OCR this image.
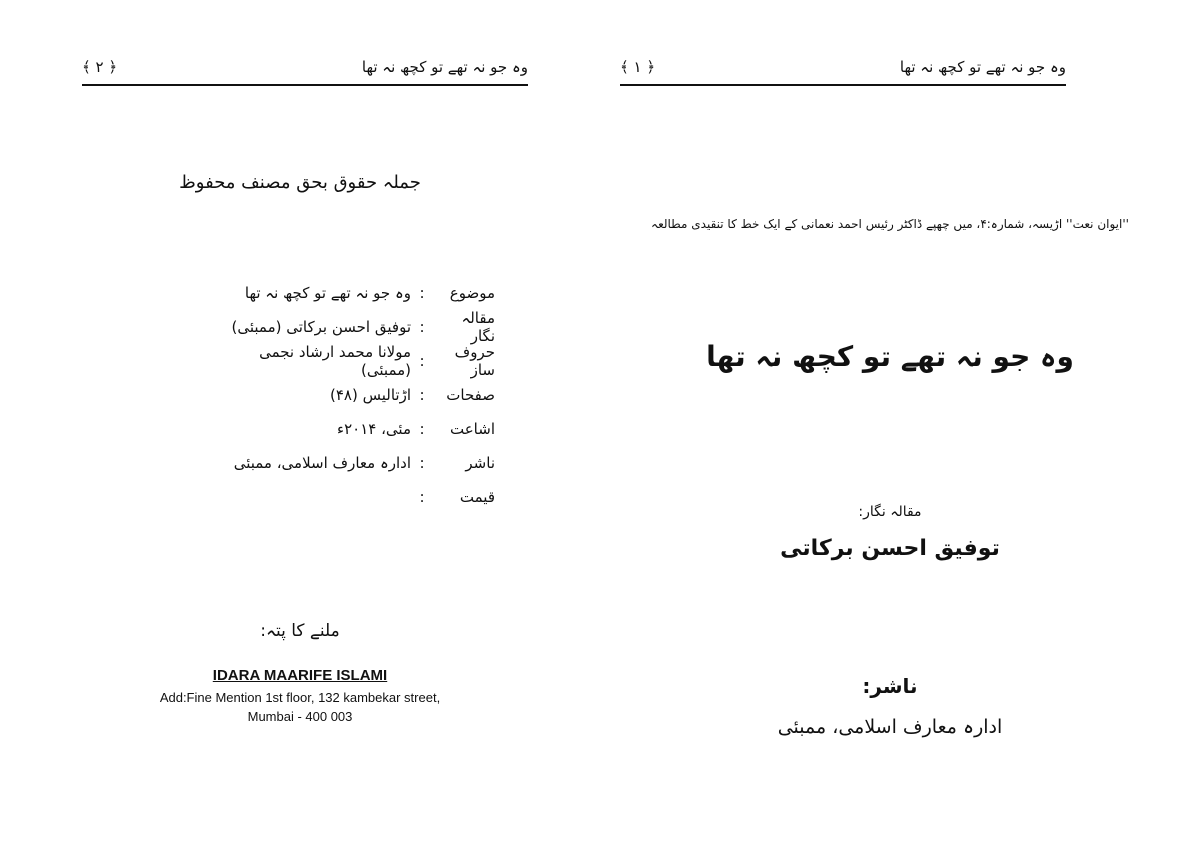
﴾ ۲ ﴿	وہ جو نہ تھے تو کچھ نہ تھا
جملہ حقوق بحق مصنف محفوظ
موضوع
:
وہ جو نہ تھے تو کچھ نہ تھا
مقالہ نگار
:
توفیق احسن برکاتی (ممبئی)
حروف ساز
:
مولانا محمد ارشاد نجمی (ممبئی)
صفحات
:
اڑتالیس (۴۸)
اشاعت
:
مئی، ۲۰۱۴ء
ناشر
:
ادارہ معارف اسلامی، ممبئی
قیمت
:
ملنے کا پتہ:
IDARA MAARIFE ISLAMI
Add:Fine Mention 1st floor, 132 kambekar street,
Mumbai - 400 003
﴾ ۱ ﴿	وہ جو نہ تھے تو کچھ نہ تھا
''ایوان نعت'' اڑیسہ، شمارہ:۴، میں چھپے ڈاکٹر رئیس احمد نعمانی کے ایک خط کا تنقیدی مطالعہ
وہ جو نہ تھے تو کچھ نہ تھا
مقالہ نگار:
توفیق احسن برکاتی
ناشر:
ادارہ معارف اسلامی، ممبئی
